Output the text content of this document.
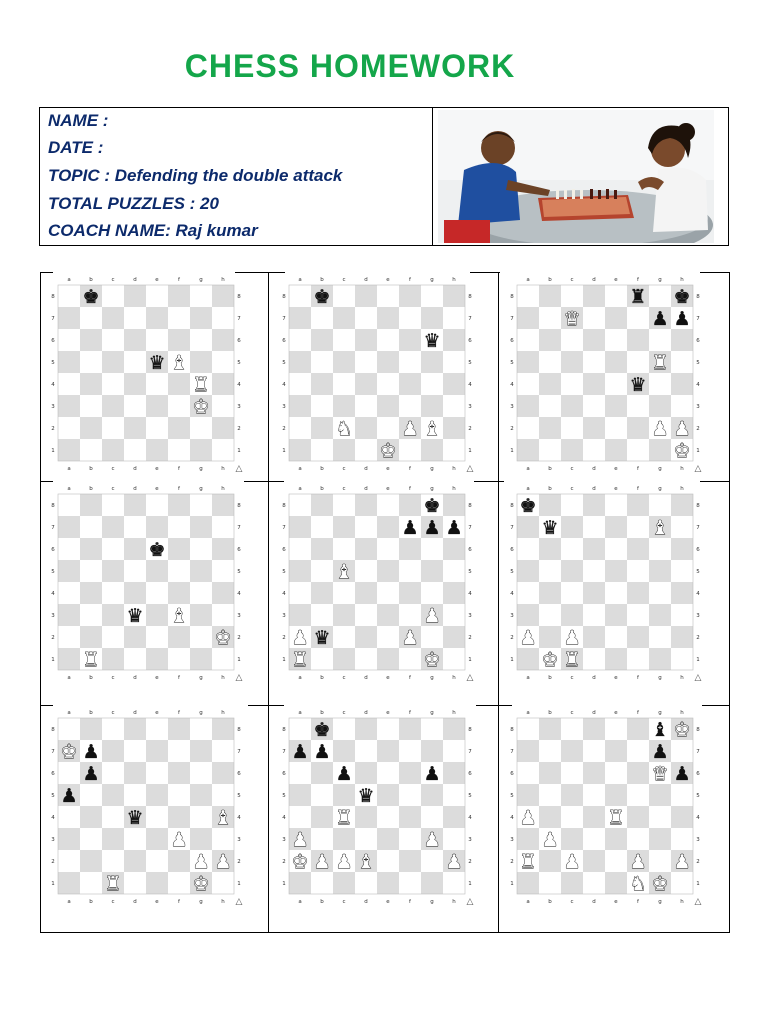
CHESS HOMEWORK
NAME :
DATE :
TOPIC : Defending the double attack
TOTAL PUZZLES : 20
COACH NAME: Raj kumar
a
a
b
b
c
c
d
d
e
e
f
f
g
g
h
h
8	8
7	7
6	6
5	5
4	4
3	3
2	2
1	1
△
♚
♛ ♝
♜
♚
a
a
b
b
c
c
d
d
e
e
f
f
g
g
h
h
8	8
7	7
6	6
5	5
4	4
3	3
2	2
1	1
△
♚
♛
♞	♟ ♝
♚
a
a
b
b
c
c
d
d
e
e
f
f
g
g
h
h
8	8
7	7
6	6
5	5
4	4
3	3
2	2
1	1
△
♜ ♚
♟ ♟
♛
♜
♛
♟ ♟
♚
a
a
b
b
c
c
d
d
e
e
f
f
g
g
h
h
8	8
7	7
6	6
5	5
4	4
3	3
2	2
1	1
△
♚
♛ ♝
♚
♜
a
a
b
b
c
c
d
d
e
e
f
f
g
g
h
h
8	8
7	7
6	6
5	5
4	4
3	3
2	2
1	1
△
♚
♟ ♟ ♟
♝
♟
♟ ♛	♟
♜	♚
a
a
b
b
c
c
d
d
e
e
f
f
g
g
h
h
8	8
7	7
6	6
5	5
4	4
3	3
2	2
1	1
△
♚
♛	♝
♟ ♟
♚ ♜
a
a
b
b
c
c
d
d
e
e
f
f
g
g
h
h
8	8
7	7
6	6
5	5
4	4
3	3
2	2
1	1
△
♚ ♟
♟
♟
♛	♝
♟
♟ ♟
♜	♚
a
a
b
b
c
c
d
d
e
e
f
f
g
g
h
h
8	8
7	7
6	6
5	5
4	4
3	3
2	2
1	1
△
♚
♟ ♟
♟	♟
♛
♜
♟	♟
♚ ♟ ♟ ♝	♟
a
a
b
b
c
c
d
d
e
e
f
f
g
g
h
h
8	8
7	7
6	6
5	5
4	4
3	3
2	2
1	1
△
♝ ♚
♟
♛ ♟
♟	♜
♟
♜ ♟	♟ ♟
♞ ♚
